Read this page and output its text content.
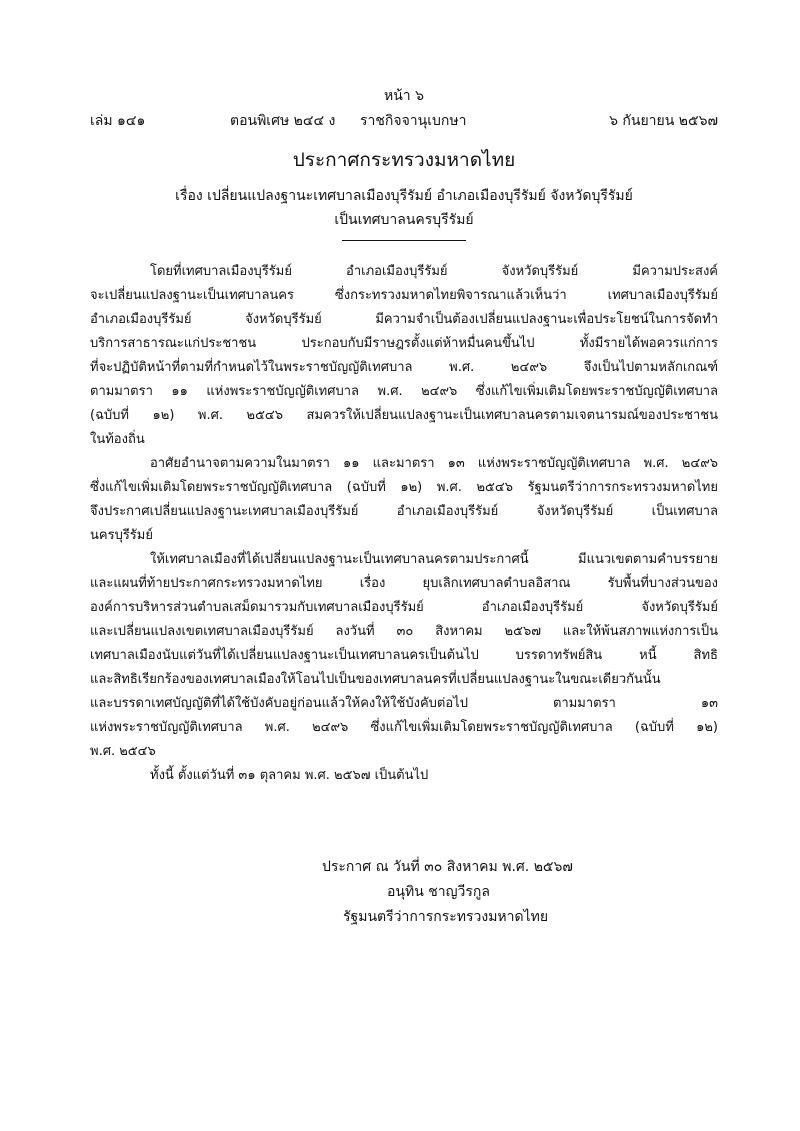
หน้า ๖
เล่ม ๑๔๑	ตอนพิเศษ ๒๔๔ ง ราชกิจจานุเบกษา	๖ กันยายน ๒๕๖๗
ประกาศกระทรวงมหาดไทย
เรื่อง เปลี่ยนแปลงฐานะเทศบาลเมืองบุรีรัมย์ อำเภอเมืองบุรีรัมย์ จังหวัดบุรีรัมย์
เป็นเทศบาลนครบุรีรัมย์
โดยที่เทศบาลเมืองบุรีรัมย์ อำเภอเมืองบุรีรัมย์ จังหวัดบุรีรัมย์ มีความประสงค์
จะเปลี่ยนแปลงฐานะเป็นเทศบาลนคร ซึ่งกระทรวงมหาดไทยพิจารณาแล้วเห็นว่า เทศบาลเมืองบุรีรัมย์
อำเภอเมืองบุรีรัมย์ จังหวัดบุรีรัมย์ มีความจำเป็นต้องเปลี่ยนแปลงฐานะเพื่อประโยชน์ในการจัดทำ
บริการสาธารณะแก่ประชาชน ประกอบกับมีราษฎรตั้งแต่ห้าหมื่นคนขึ้นไป ทั้งมีรายได้พอควรแก่การ
ที่จะปฏิบัติหน้าที่ตามที่กำหนดไว้ในพระราชบัญญัติเทศบาล พ.ศ. ๒๔๙๖ จึงเป็นไปตามหลักเกณฑ์
ตามมาตรา ๑๑ แห่งพระราชบัญญัติเทศบาล พ.ศ. ๒๔๙๖ ซึ่งแก้ไขเพิ่มเติมโดยพระราชบัญญัติเทศบาล
(ฉบับที่ ๑๒) พ.ศ. ๒๕๔๖ สมควรให้เปลี่ยนแปลงฐานะเป็นเทศบาลนครตามเจตนารมณ์ของประชาชน
ในท้องถิ่น
อาศัยอำนาจตามความในมาตรา ๑๑ และมาตรา ๑๓ แห่งพระราชบัญญัติเทศบาล พ.ศ. ๒๔๙๖
ซึ่งแก้ไขเพิ่มเติมโดยพระราชบัญญัติเทศบาล (ฉบับที่ ๑๒) พ.ศ. ๒๕๔๖ รัฐมนตรีว่าการกระทรวงมหาดไทย
จึงประกาศเปลี่ยนแปลงฐานะเทศบาลเมืองบุรีรัมย์ อำเภอเมืองบุรีรัมย์ จังหวัดบุรีรัมย์ เป็นเทศบาล
นครบุรีรัมย์
ให้เทศบาลเมืองที่ได้เปลี่ยนแปลงฐานะเป็นเทศบาลนครตามประกาศนี้ มีแนวเขตตามคำบรรยาย
และแผนที่ท้ายประกาศกระทรวงมหาดไทย เรื่อง ยุบเลิกเทศบาลตำบลอิสาณ รับพื้นที่บางส่วนของ
องค์การบริหารส่วนตำบลเสม็ดมารวมกับเทศบาลเมืองบุรีรัมย์ อำเภอเมืองบุรีรัมย์ จังหวัดบุรีรัมย์
และเปลี่ยนแปลงเขตเทศบาลเมืองบุรีรัมย์ ลงวันที่ ๓๐ สิงหาคม ๒๕๖๗ และให้พ้นสภาพแห่งการเป็น
เทศบาลเมืองนับแต่วันที่ได้เปลี่ยนแปลงฐานะเป็นเทศบาลนครเป็นต้นไป บรรดาทรัพย์สิน หนี้ สิทธิ
และสิทธิเรียกร้องของเทศบาลเมืองให้โอนไปเป็นของเทศบาลนครที่เปลี่ยนแปลงฐานะในขณะเดียวกันนั้น
และบรรดาเทศบัญญัติที่ได้ใช้บังคับอยู่ก่อนแล้วให้คงให้ใช้บังคับต่อไป ตามมาตรา ๑๓
แห่งพระราชบัญญัติเทศบาล พ.ศ. ๒๔๙๖ ซึ่งแก้ไขเพิ่มเติมโดยพระราชบัญญัติเทศบาล (ฉบับที่ ๑๒)
พ.ศ. ๒๕๔๖
ทั้งนี้ ตั้งแต่วันที่ ๓๑ ตุลาคม พ.ศ. ๒๕๖๗ เป็นต้นไป
ประกาศ ณ วันที่ ๓๐ สิงหาคม พ.ศ. ๒๕๖๗
อนุทิน ชาญวีรกูล
รัฐมนตรีว่าการกระทรวงมหาดไทย
